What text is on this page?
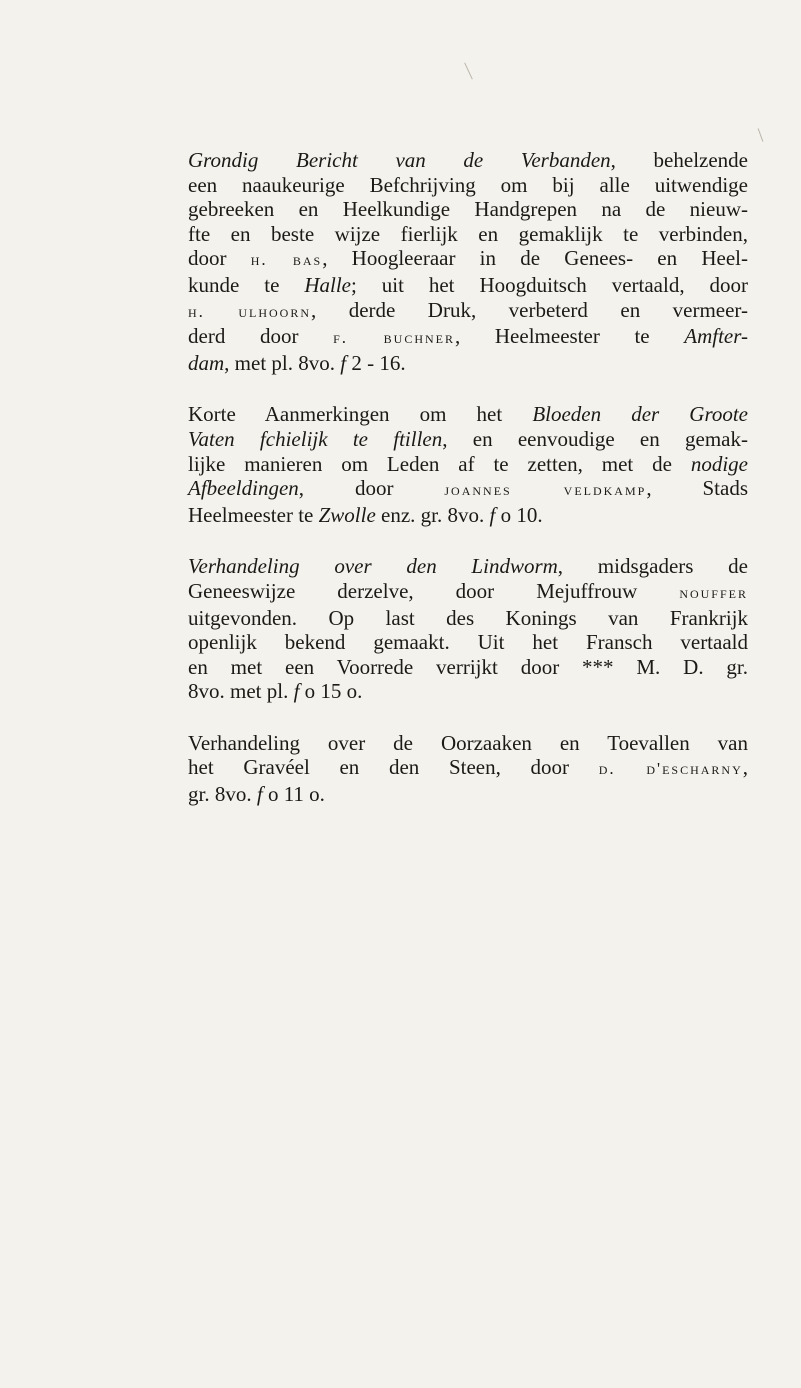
Grondig Bericht van de Verbanden, behelzende
een naaukeurige Befchrijving om bij alle uitwendige
gebreeken en Heelkundige Handgrepen na de nieuw-
fte en beste wijze fierlijk en gemaklijk te verbinden,
door h. bas, Hoogleeraar in de Genees- en Heel-
kunde te Halle; uit het Hoogduitsch vertaald, door
h. ulhoorn, derde Druk, verbeterd en vermeer-
derd door f. buchner, Heelmeester te Amfter-
dam, met pl. 8vo. f 2 - 16.

Korte Aanmerkingen om het Bloeden der Groote
Vaten fchielijk te ftillen, en eenvoudige en gemak-
lijke manieren om Leden af te zetten, met de nodige
Afbeeldingen, door joannes veldkamp, Stads
Heelmeester te Zwolle enz. gr. 8vo. f o 10.

Verhandeling over den Lindworm, midsgaders de
Geneeswijze derzelve, door Mejuffrouw nouffer
uitgevonden. Op last des Konings van Frankrijk
openlijk bekend gemaakt. Uit het Fransch vertaald
en met een Voorrede verrijkt door *** M. D. gr.
8vo. met pl. f o 15 o.

Verhandeling over de Oorzaaken en Toevallen van
het Gravéel en den Steen, door d. d'escharny,
gr. 8vo. f o 11 o.
